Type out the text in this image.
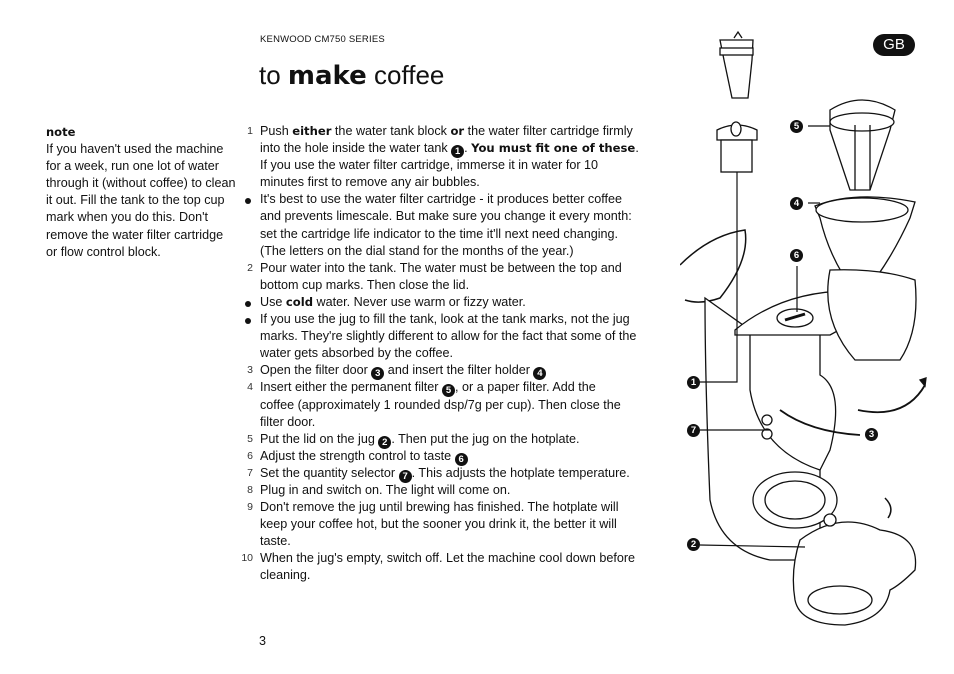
KENWOOD CM750 SERIES
to make coffee
GB
note
If you haven't used the machine
for a week, run one lot of water
through it (without coffee) to clean
it out. Fill the tank to the top cup
mark when you do this. Don't
remove the water filter cartridge
or flow control block.
1 Push either the water tank block or the water filter cartridge firmly
into the hole inside the water tank 1 . You must fit one of these.
If you use the water filter cartridge, immerse it in water for 10
minutes first to remove any air bubbles.
It's best to use the water filter cartridge - it produces better coffee
and prevents limescale. But make sure you change it every month:
set the cartridge life indicator to the time it'll next need changing.
(The letters on the dial stand for the months of the year.)
2 Pour water into the tank. The water must be between the top and
bottom cup marks. Then close the lid.
Use cold water. Never use warm or fizzy water.
If you use the jug to fill the tank, look at the tank marks, not the jug
marks. They're slightly different to allow for the fact that some of the
water gets absorbed by the coffee.
3 Open the filter door 3 and insert the filter holder 4
4 Insert either the permanent filter 5 , or a paper filter. Add the
coffee (approximately 1 rounded dsp/7g per cup). Then close the
filter door.
5 Put the lid on the jug 2 . Then put the jug on the hotplate.
6 Adjust the strength control to taste 6
7 Set the quantity selector 7 . This adjusts the hotplate temperature.
8 Plug in and switch on. The light will come on.
9 Don't remove the jug until brewing has finished. The hotplate will
keep your coffee hot, but the sooner you drink it, the better it will
taste.
10 When the jug's empty, switch off. Let the machine cool down before
cleaning.
3
1
2
3
4
5
6
7
